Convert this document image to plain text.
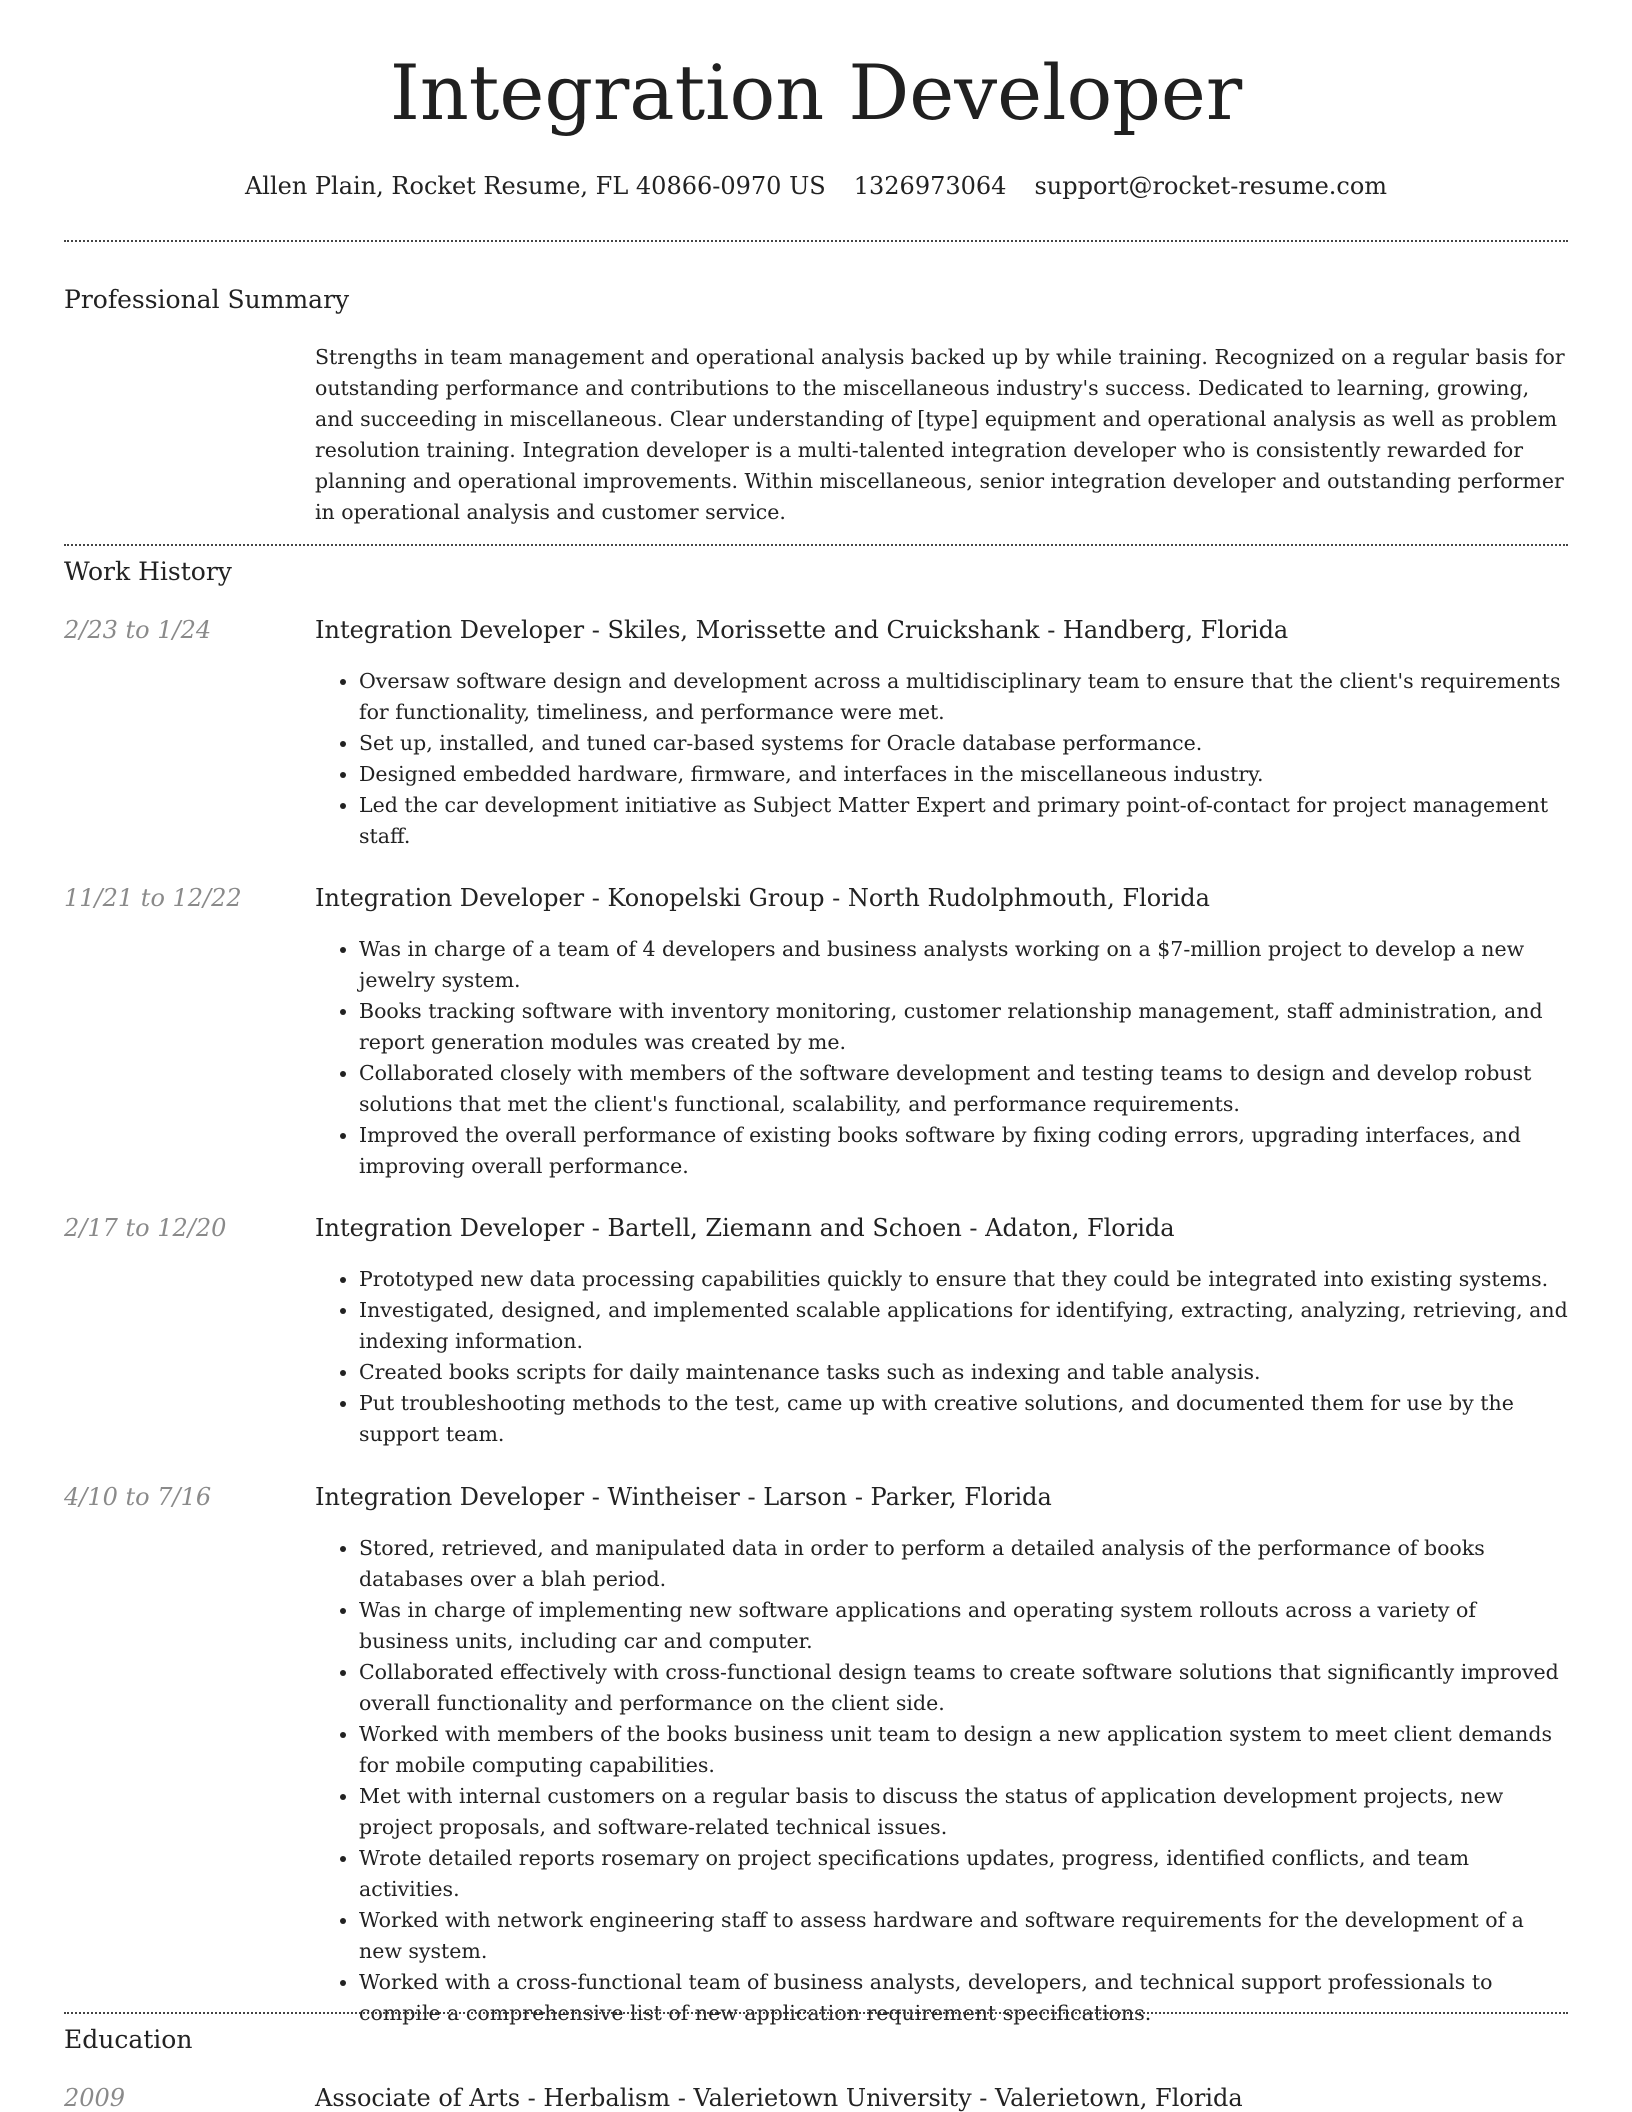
Integration Developer
Allen Plain, Rocket Resume, FL 40866-0970 US 1326973064 support@rocket-resume.com
Professional Summary

Strengths in team management and operational analysis backed up by while training. Recognized on a regular basis for outstanding performance and contributions to the miscellaneous industry's success. Dedicated to learning, growing, and succeeding in miscellaneous. Clear understanding of [type] equipment and operational analysis as well as problem resolution training. Integration developer is a multi-talented integration developer who is consistently rewarded for planning and operational improvements. Within miscellaneous, senior integration developer and outstanding performer in operational analysis and customer service.

Work History
2/23 to 1/24	Integration Developer - Skiles, Morissette and Cruickshank - Handberg, Florida
• Oversaw software design and development across a multidisciplinary team to ensure that the client's requirements for functionality, timeliness, and performance were met.
• Set up, installed, and tuned car-based systems for Oracle database performance.
• Designed embedded hardware, firmware, and interfaces in the miscellaneous industry.
• Led the car development initiative as Subject Matter Expert and primary point-of-contact for project management staff.
11/21 to 12/22	Integration Developer - Konopelski Group - North Rudolphmouth, Florida
• Was in charge of a team of 4 developers and business analysts working on a $7-million project to develop a new jewelry system.
• Books tracking software with inventory monitoring, customer relationship management, staff administration, and report generation modules was created by me.
• Collaborated closely with members of the software development and testing teams to design and develop robust solutions that met the client's functional, scalability, and performance requirements.
• Improved the overall performance of existing books software by fixing coding errors, upgrading interfaces, and improving overall performance.
2/17 to 12/20	Integration Developer - Bartell, Ziemann and Schoen - Adaton, Florida
• Prototyped new data processing capabilities quickly to ensure that they could be integrated into existing systems.
• Investigated, designed, and implemented scalable applications for identifying, extracting, analyzing, retrieving, and indexing information.
• Created books scripts for daily maintenance tasks such as indexing and table analysis.
• Put troubleshooting methods to the test, came up with creative solutions, and documented them for use by the support team.
4/10 to 7/16	Integration Developer - Wintheiser - Larson - Parker, Florida
• Stored, retrieved, and manipulated data in order to perform a detailed analysis of the performance of books databases over a blah period.
• Was in charge of implementing new software applications and operating system rollouts across a variety of business units, including car and computer.
• Collaborated effectively with cross-functional design teams to create software solutions that significantly improved overall functionality and performance on the client side.
• Worked with members of the books business unit team to design a new application system to meet client demands for mobile computing capabilities.
• Met with internal customers on a regular basis to discuss the status of application development projects, new project proposals, and software-related technical issues.
• Wrote detailed reports rosemary on project specifications updates, progress, identified conflicts, and team activities.
• Worked with network engineering staff to assess hardware and software requirements for the development of a new system.
• Worked with a cross-functional team of business analysts, developers, and technical support professionals to compile a comprehensive list of new application requirement specifications.
Education
2009	Associate of Arts - Herbalism - Valerietown University - Valerietown, Florida
